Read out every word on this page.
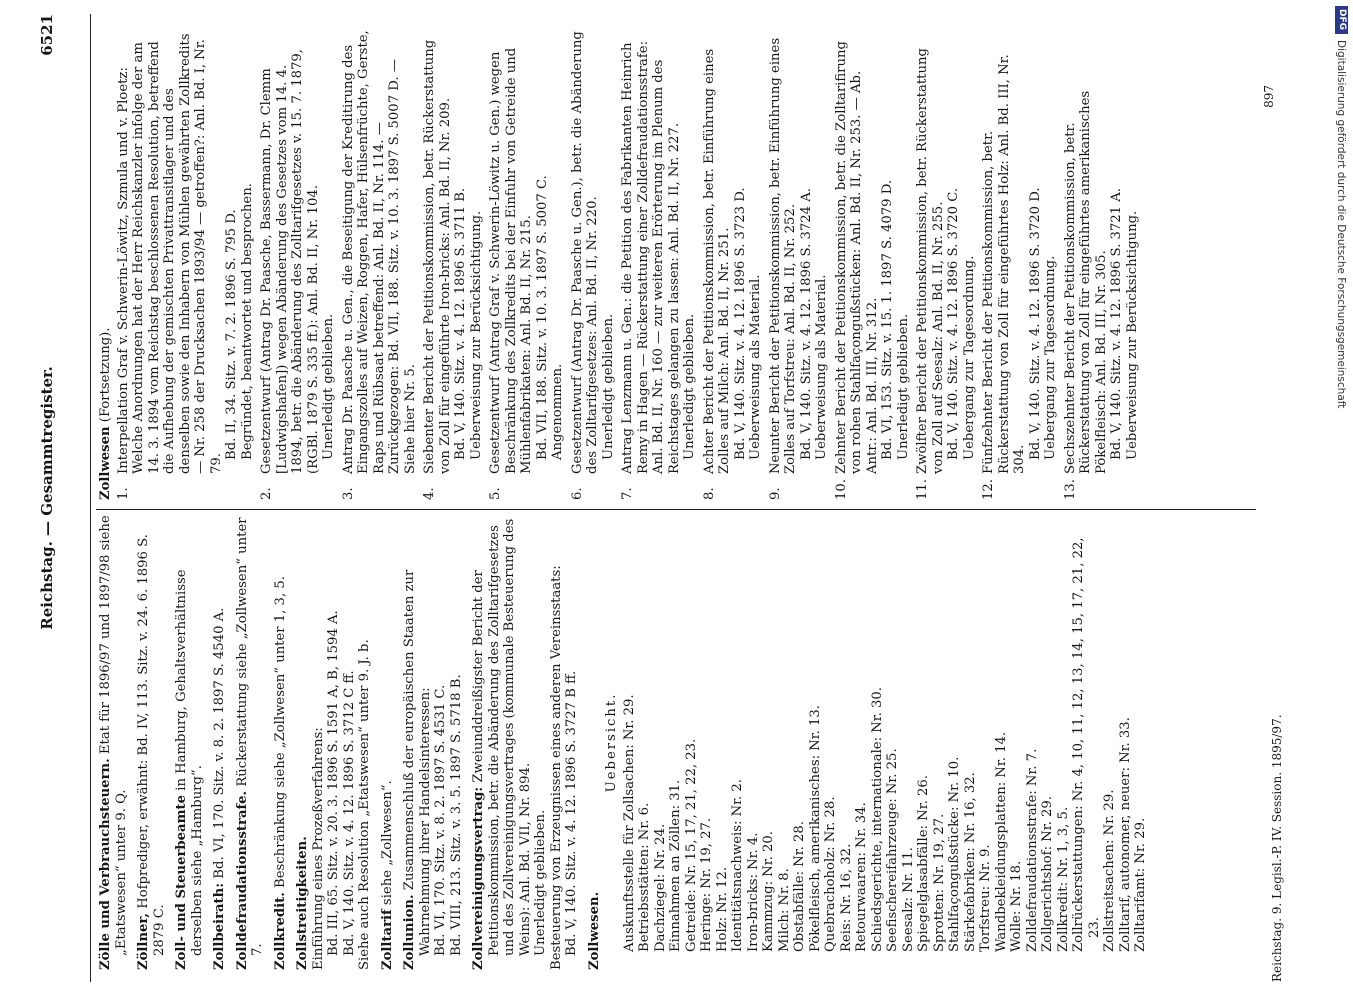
Reichstag. — Gesammtregister.
6521
Zölle und Verbrauchsteuern. Etat für 1896/97 und 1897/98 siehe „Etatswesen“ unter 9. Q. Zöllner, Hofprediger, erwähnt: Bd. IV, 113. Sitz. v. 24. 6. 1896 S. 2879 C. Zoll- und Steuerbeamte in Hamburg, Gehaltsverhältnisse derselben siehe „Hamburg“. Zollbeirath: Bd. VI, 170. Sitz. v. 8. 2. 1897 S. 4540 A.
Zolldefraudationsstrafe. Rückerstattung siehe „Zollwesen“ unter 7. Zollkredit. Beschränkung siehe „Zollwesen“ unter 1, 3, 5.
Zollstreitigkeiten. Einführung eines Prozeßverfahrens: Bd. III, 65. Sitz. v. 20. 3. 1896 S. 1591 A, B, 1594 A. Bd. V, 140. Sitz. v. 4. 12. 1896 S. 3712 C ff. Siehe auch Resolution „Etatswesen“ unter 9. J. b. Zolltarif siehe „Zollwesen“.
Zollunion. Zusammenschluß der europäischen Staaten zur Wahrnehmung ihrer Handelsinteressen: Bd. VI, 170. Sitz. v. 8. 2. 1897 S. 4531 C. Bd. VIII, 213. Sitz. v. 3. 5. 1897 S. 5718 B. Zollvereinigungsvertrag: Zweiunddreißigster Bericht der Petitionskommission, betr. die Abänderung des Zolltarifgesetzes und des Zollvereinigungsvertrages (kommunale Besteuerung des Weins): Anl. Bd. VII, Nr. 894. Unerledigt geblieben. Besteuerung von Erzeugnissen eines anderen Vereinsstaats: Bd. V, 140. Sitz. v. 4. 12. 1896 S. 3727 B ff. Zollwesen.
Uebersicht. Auskunftsstelle für Zollsachen: Nr. 29. Betriebsstätten: Nr. 6. Dachziegel: Nr. 24. Einnahmen an Zöllen: 31. Getreide: Nr. 15, 17, 21, 22, 23. Heringe: Nr. 19, 27. Holz: Nr. 12. Identitätsnachweis: Nr. 2. Iron-bricks: Nr. 4. Kammzug: Nr. 20. Milch: Nr. 8. Obstabfälle: Nr. 28. Pökelfleisch, amerikanisches: Nr. 13. Quebrachoholz: Nr. 28. Reis: Nr. 16, 32. Retourwaaren: Nr. 34. Schiedsgerichte, internationale: Nr. 30. Seefischereifahrzeuge: Nr. 25. Seesalz: Nr. 11. Spiegelglasabfälle: Nr. 26. Sprotten: Nr. 19, 27. Stahlfaçongußstücke: Nr. 10. Stärkefabriken: Nr. 16, 32. Torfstreu: Nr. 9. Wandbekleidungsplatten: Nr. 14. Wolle: Nr. 18. Zolldefraudationsstrafe: Nr. 7. Zollgerichtshof: Nr. 29. Zollkredit: Nr. 1, 3, 5. Zollrückerstattungen: Nr. 4, 10, 11, 12, 13, 14, 15, 17, 21, 22, 23. Zollstreitsachen: Nr. 29. Zolltarif, autonomer, neuer: Nr. 33. Zolltarifamt: Nr. 29.
Zollwesen (Fortsetzung).
1.
Interpellation Graf v. Schwerin-Löwitz, Szmula und v. Ploetz: Welche Anordnungen hat der Herr Reichskanzler infolge der am 14. 3. 1894 vom Reichstag beschlossenen Resolution, betreffend die Aufhebung der gemischten Privattransitlager und des denselben sowie den Inhabern von Mühlen gewährten Zollkredits — Nr. 258 der Drucksachen 1893/94 — getroffen?: Anl. Bd. I, Nr. 79.
Bd. II, 34. Sitz. v. 7. 2. 1896 S. 795 D. Begründet, beantwortet und besprochen.
2.
Gesetzentwurf (Antrag Dr. Paasche, Bassermann, Dr. Clemm [Ludwigshafen]) wegen Abänderung des Gesetzes vom 14. 4. 1894, betr. die Abänderung des Zolltarifgesetzes v. 15. 7. 1879, (RGBl. 1879 S. 335 ff.): Anl. Bd. II, Nr. 104. Unerledigt geblieben.
3.
Antrag Dr. Paasche u. Gen., die Beseitigung der Kreditirung des Eingangszolles auf Weizen, Roggen, Hafer, Hülsenfrüchte, Gerste, Raps und Rübsaat betreffend: Anl. Bd. II, Nr. 114. — Zurückgezogen: Bd. VII, 188. Sitz. v. 10. 3. 1897 S. 5007 D. — Siehe hier Nr. 5.
4.
Siebenter Bericht der Petitionskommission, betr. Rückerstattung von Zoll für eingeführte Iron-bricks: Anl. Bd. II, Nr. 209. Bd. V, 140. Sitz. v. 4. 12. 1896 S. 3711 B. Ueberweisung zur Berücksichtigung.
5.
Gesetzentwurf (Antrag Graf v. Schwerin-Löwitz u. Gen.) wegen Beschränkung des Zollkredits bei der Einfuhr von Getreide und Mühlenfabrikaten: Anl. Bd. II, Nr. 215. Bd. VII, 188. Sitz. v. 10. 3. 1897 S. 5007 C. Angenommen.
6.
Gesetzentwurf (Antrag Dr. Paasche u. Gen.), betr. die Abänderung des Zolltarifgesetzes: Anl. Bd. II, Nr. 220. Unerledigt geblieben.
7.
Antrag Lenzmann u. Gen.: die Petition des Fabrikanten Heinrich Remy in Hagen — Rückerstattung einer Zolldefraudationsstrafe: Anl. Bd. II, Nr. 160 — zur weiteren Erörterung im Plenum des Reichstages gelangen zu lassen: Anl. Bd. II, Nr. 227. Unerledigt geblieben.
8.
Achter Bericht der Petitionskommission, betr. Einführung eines Zolles auf Milch: Anl. Bd. II, Nr. 251. Bd. V, 140. Sitz. v. 4. 12. 1896 S. 3723 D. Ueberweisung als Material.
9.
Neunter Bericht der Petitionskommission, betr. Einführung eines Zolles auf Torfstreu: Anl. Bd. II, Nr. 252. Bd. V, 140. Sitz. v. 4. 12. 1896 S. 3724 A. Ueberweisung als Material.
10.
Zehnter Bericht der Petitionskommission, betr. die Zolltarifirung von rohen Stahlfaçongußstücken: Anl. Bd. II, Nr. 253. — Ab. Antr.: Anl. Bd. III, Nr. 312. Bd. VI, 153. Sitz. v. 15. 1. 1897 S. 4079 D. Unerledigt geblieben.
11.
Zwölfter Bericht der Petitionskommission, betr. Rückerstattung von Zoll auf Seesalz: Anl. Bd. II, Nr. 255. Bd. V, 140. Sitz. v. 4. 12. 1896 S. 3720 C. Uebergang zur Tagesordnung.
12.
Fünfzehnter Bericht der Petitionskommission, betr. Rückerstattung von Zoll für eingeführtes Holz: Anl. Bd. III, Nr. 304. Bd. V, 140. Sitz. v. 4. 12. 1896 S. 3720 D. Uebergang zur Tagesordnung.
13.
Sechszehnter Bericht der Petitionskommission, betr. Rückerstattung von Zoll für eingeführtes amerikanisches Pökelfleisch: Anl. Bd. III, Nr. 305. Bd. V, 140. Sitz. v. 4. 12. 1896 S. 3721 A. Ueberweisung zur Berücksichtigung.
Reichstag. 9. Legisl.-P. IV. Session. 1895/97.
897
DFG
Digitalisierung gefördert durch die Deutsche Forschungsgemeinschaft
